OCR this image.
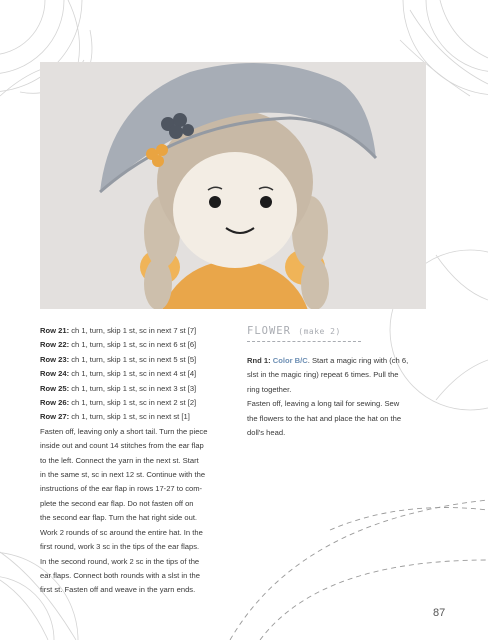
Row 21: ch 1, turn, skip 1 st, sc in next 7 st [7]
Row 22: ch 1, turn, skip 1 st, sc in next 6 st [6]
Row 23: ch 1, turn, skip 1 st, sc in next 5 st [5]
Row 24: ch 1, turn, skip 1 st, sc in next 4 st [4]
Row 25: ch 1, turn, skip 1 st, sc in next 3 st [3]
Row 26: ch 1, turn, skip 1 st, sc in next 2 st [2]
Row 27: ch 1, turn, skip 1 st, sc in next st [1]

Fasten off, leaving only a short tail. Turn the piece

inside out and count 14 stitches from the ear flap

to the left. Connect the yarn in the next st. Start

in the same st, sc in next 12 st. Continue with the

instructions of the ear flap in rows 17-27 to com-

plete the second ear flap. Do not fasten off on

the second ear flap. Turn the hat right side out.

Work 2 rounds of sc around the entire hat. In the

first round, work 3 sc in the tips of the ear flaps.

In the second round, work 2 sc in the tips of the

ear flaps. Connect both rounds with a slst in the

first st. Fasten off and weave in the yarn ends.

FLOWER (make 2)

Rnd 1: Color B/C. Start a magic ring with (ch 6,

slst in the magic ring) repeat 6 times. Pull the

ring together.

Fasten off, leaving a long tail for sewing. Sew

the flowers to the hat and place the hat on the

doll's head.

87
